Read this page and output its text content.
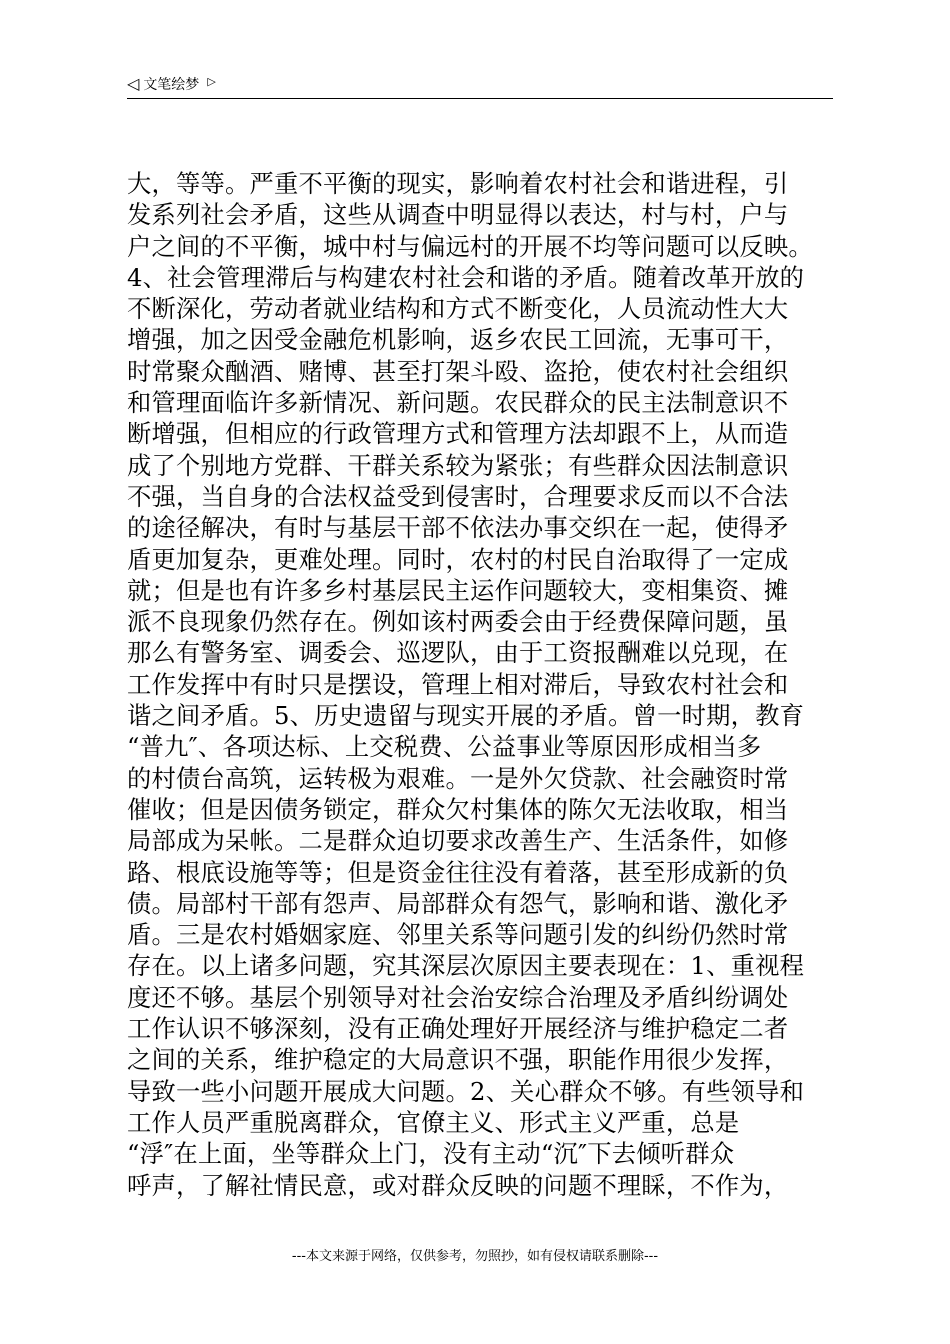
◁ 文笔绘梦 ▷
大，等等。严重不平衡的现实，影响着农村社会和谐进程，引
发系列社会矛盾，这些从调查中明显得以表达，村与村，户与
户之间的不平衡，城中村与偏远村的开展不均等问题可以反映。
4、社会管理滞后与构建农村社会和谐的矛盾。随着改革开放的
不断深化，劳动者就业结构和方式不断变化，人员流动性大大
增强，加之因受金融危机影响，返乡农民工回流，无事可干，
时常聚众酗酒、赌博、甚至打架斗殴、盗抢，使农村社会组织
和管理面临许多新情况、新问题。农民群众的民主法制意识不
断增强，但相应的行政管理方式和管理方法却跟不上，从而造
成了个别地方党群、干群关系较为紧张；有些群众因法制意识
不强，当自身的合法权益受到侵害时，合理要求反而以不合法
的途径解决，有时与基层干部不依法办事交织在一起，使得矛
盾更加复杂，更难处理。同时，农村的村民自治取得了一定成
就；但是也有许多乡村基层民主运作问题较大，变相集资、摊
派不良现象仍然存在。例如该村两委会由于经费保障问题，虽
那么有警务室、调委会、巡逻队，由于工资报酬难以兑现，在
工作发挥中有时只是摆设，管理上相对滞后，导致农村社会和
谐之间矛盾。5、历史遗留与现实开展的矛盾。曾一时期，教育
“普九″、各项达标、上交税费、公益事业等原因形成相当多
的村债台高筑，运转极为艰难。一是外欠贷款、社会融资时常
催收；但是因债务锁定，群众欠村集体的陈欠无法收取，相当
局部成为呆帐。二是群众迫切要求改善生产、生活条件，如修
路、根底设施等等；但是资金往往没有着落，甚至形成新的负
债。局部村干部有怨声、局部群众有怨气，影响和谐、激化矛
盾。三是农村婚姻家庭、邻里关系等问题引发的纠纷仍然时常
存在。以上诸多问题，究其深层次原因主要表现在：1、重视程
度还不够。基层个别领导对社会治安综合治理及矛盾纠纷调处
工作认识不够深刻，没有正确处理好开展经济与维护稳定二者
之间的关系，维护稳定的大局意识不强，职能作用很少发挥，
导致一些小问题开展成大问题。2、关心群众不够。有些领导和
工作人员严重脱离群众，官僚主义、形式主义严重，总是
“浮″在上面，坐等群众上门，没有主动“沉″下去倾听群众
呼声，了解社情民意，或对群众反映的问题不理睬，不作为，
---本文来源于网络，仅供参考，勿照抄，如有侵权请联系删除---
